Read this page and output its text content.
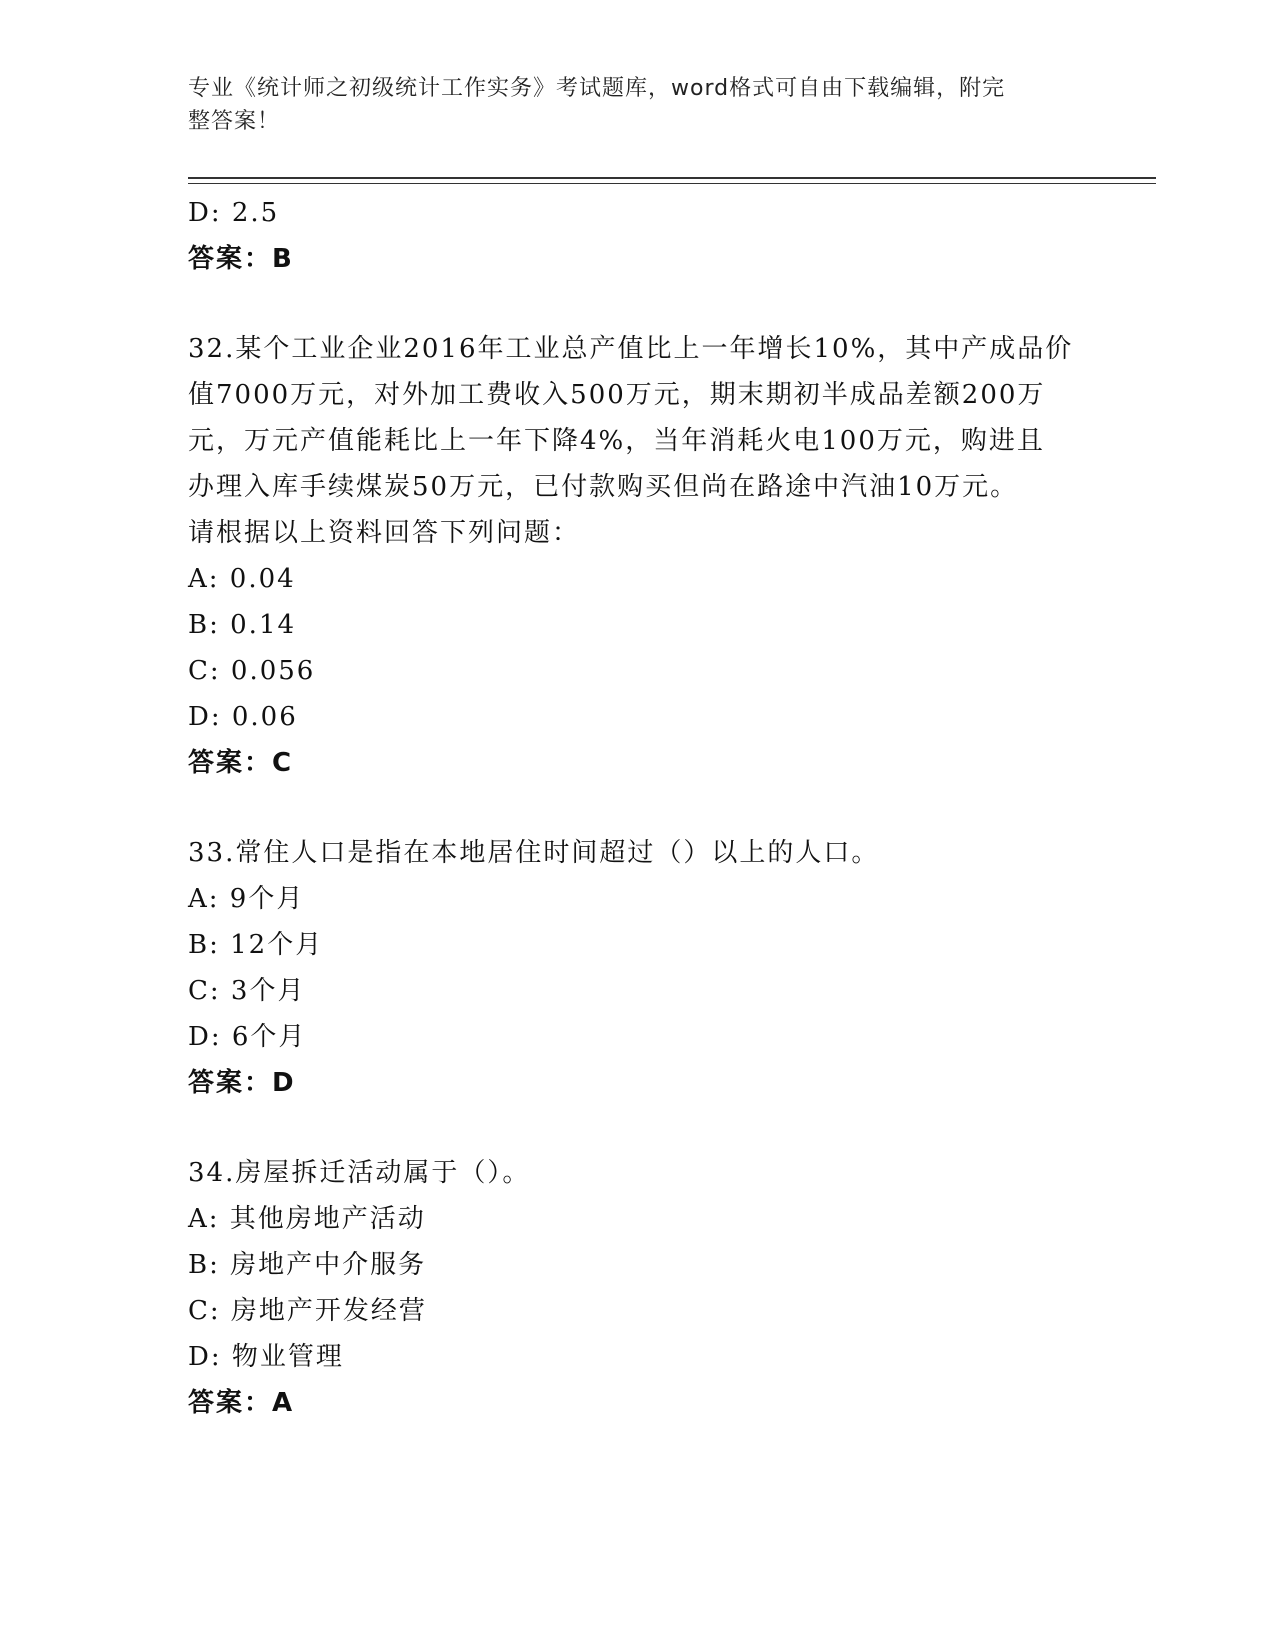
专业《统计师之初级统计工作实务》考试题库，word格式可自由下载编辑，附完
整答案！
D: 2.5
答案：B
32.某个工业企业2016年工业总产值比上一年增长10%，其中产成品价
值7000万元，对外加工费收入500万元，期末期初半成品差额200万
元，万元产值能耗比上一年下降4%，当年消耗火电100万元，购进且
办理入库手续煤炭50万元，已付款购买但尚在路途中汽油10万元。
请根据以上资料回答下列问题：
A: 0.04
B: 0.14
C: 0.056
D: 0.06
答案：C
33.常住人口是指在本地居住时间超过（）以上的人口。
A: 9个月
B: 12个月
C: 3个月
D: 6个月
答案：D
34.房屋拆迁活动属于（）。
A: 其他房地产活动
B: 房地产中介服务
C: 房地产开发经营
D: 物业管理
答案：A
